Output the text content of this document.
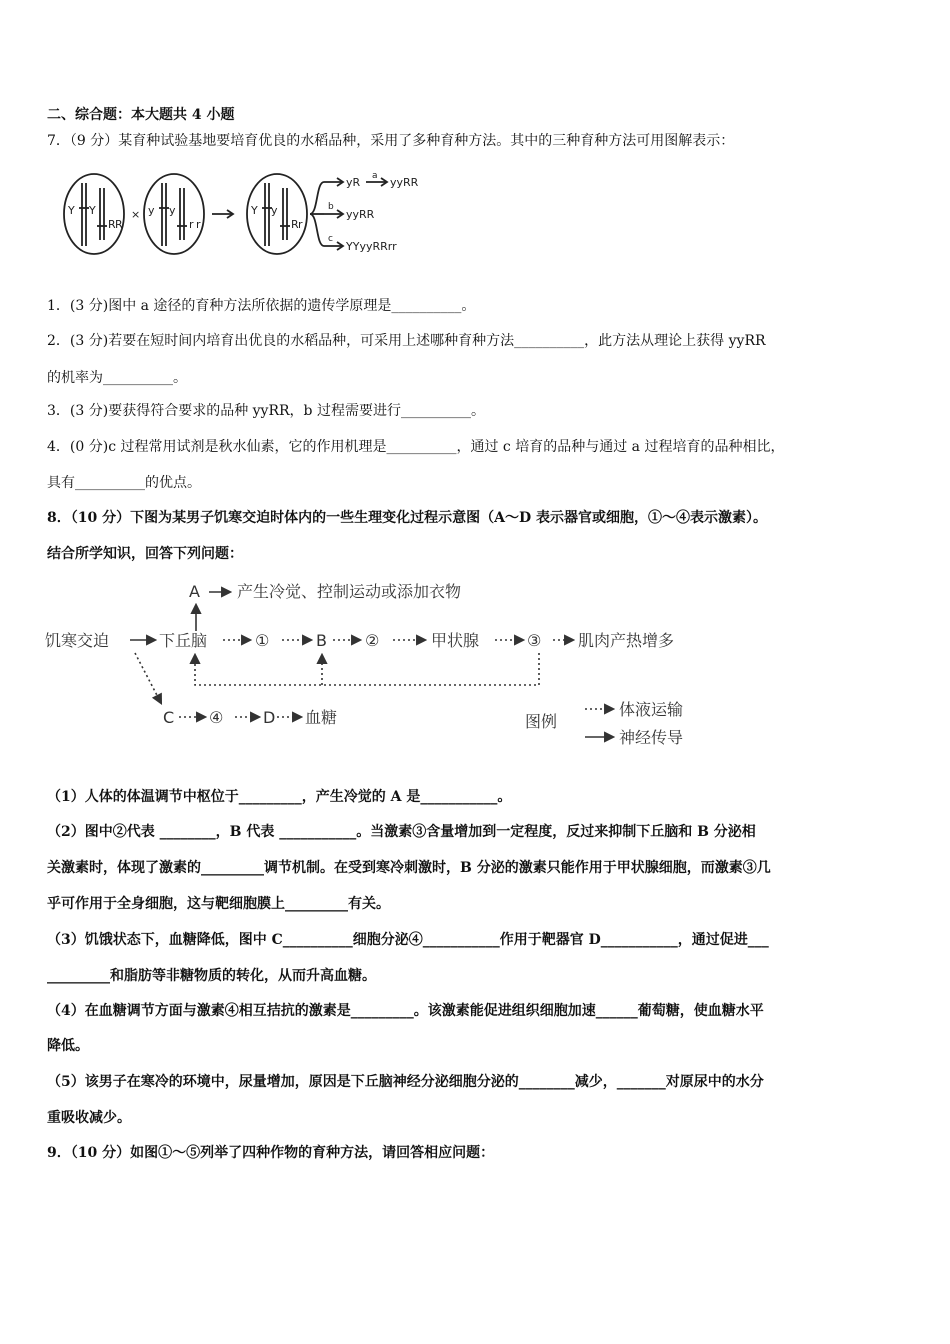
二、综合题：本大题共 4 小题
7．（9 分）某育种试验基地要培育优良的水稻品种，采用了多种育种方法。其中的三种育种方法可用图解表示：
Y Y
R R
y y
r r
×	Y y
R r
yR a yyRR
b
yyRR
c
YYyyRRrr
1．(3 分)图中 a 途径的育种方法所依据的遗传学原理是__________。
2．(3 分)若要在短时间内培育出优良的水稻品种，可采用上述哪种育种方法__________，此方法从理论上获得 yyRR
的机率为__________。
3．(3 分)要获得符合要求的品种 yyRR，b 过程需要进行__________。
4．(0 分)c 过程常用试剂是秋水仙素，它的作用机理是__________，通过 c 培育的品种与通过 a 过程培育的品种相比，
具有__________的优点。
8．（10 分）下图为某男子饥寒交迫时体内的一些生理变化过程示意图（A～D 表示器官或细胞，①～④表示激素）。
结合所学知识，回答下列问题：
A 产生冷觉、控制运动或添加衣物
饥寒交迫	下丘脑	①	B ②	甲状腺	③ 肌肉产热增多
C ④ D 血糖	图例
体液运输
神经传导
（1）人体的体温调节中枢位于_________，产生冷觉的 A 是___________。
（2）图中②代表 ________，B 代表 ___________。当激素③含量增加到一定程度，反过来抑制下丘脑和 B 分泌相
关激素时，体现了激素的_________调节机制。在受到寒冷刺激时，B 分泌的激素只能作用于甲状腺细胞，而激素③几
乎可作用于全身细胞，这与靶细胞膜上_________有关。
（3）饥饿状态下，血糖降低，图中 C__________细胞分泌④___________作用于靶器官 D___________，通过促进___
_________和脂肪等非糖物质的转化，从而升高血糖。
（4）在血糖调节方面与激素④相互拮抗的激素是_________。该激素能促进组织细胞加速______葡萄糖，使血糖水平
降低。
（5）该男子在寒冷的环境中，尿量增加，原因是下丘脑神经分泌细胞分泌的________减少，_______对原尿中的水分
重吸收减少。
9．（10 分）如图①～⑤列举了四种作物的育种方法，请回答相应问题：
